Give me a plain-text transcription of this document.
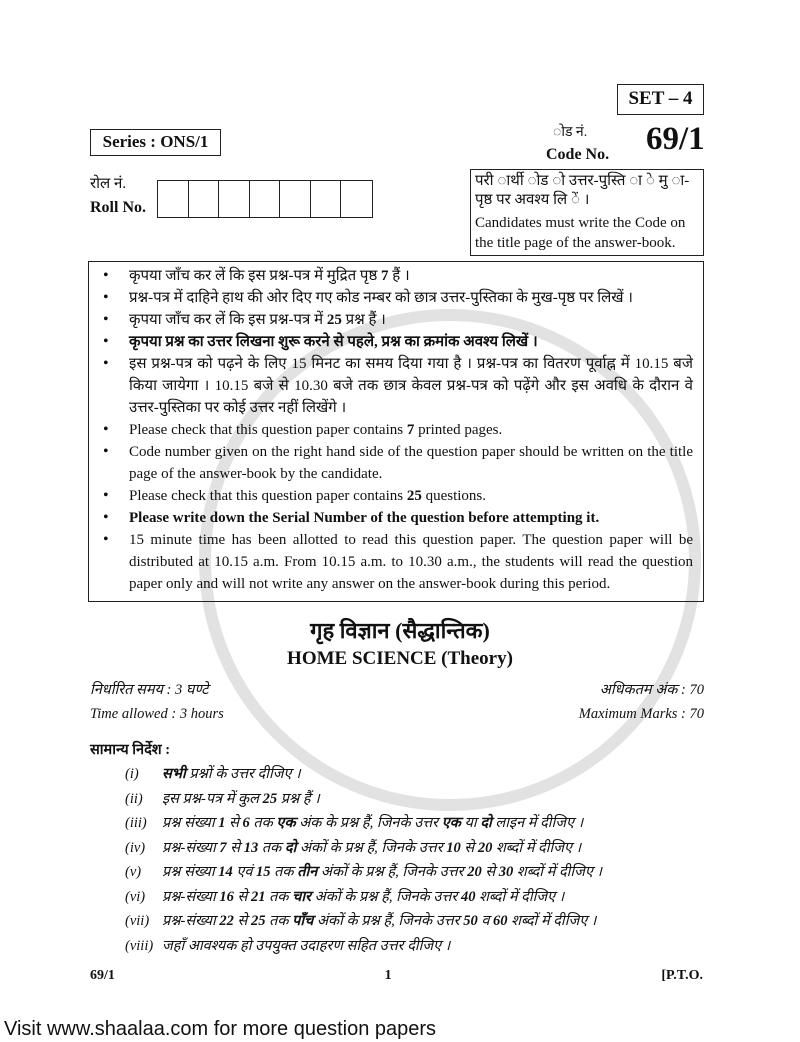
SET – 4
Series : ONS/1	ोड नं.
Code No. 69/1
रोल नं.
Roll No.
परी ार्थी ोड ो उत्तर-पुस्ति ा े मु ा-पृष्ठ पर अवश्य लि ें ।
Candidates must write the Code on the title page of the answer-book.
• कृपया जाँच कर लें कि इस प्रश्न-पत्र में मुद्रित पृष्ठ 7 हैं ।
• प्रश्न-पत्र में दाहिने हाथ की ओर दिए गए कोड नम्बर को छात्र उत्तर-पुस्तिका के मुख-पृष्ठ पर लिखें ।
• कृपया जाँच कर लें कि इस प्रश्न-पत्र में 25 प्रश्न हैं ।
• कृपया प्रश्न का उत्तर लिखना शुरू करने से पहले, प्रश्न का क्रमांक अवश्य लिखें ।
• इस प्रश्न-पत्र को पढ़ने के लिए 15 मिनट का समय दिया गया है । प्रश्न-पत्र का वितरण पूर्वाह्न में 10.15 बजे किया जायेगा । 10.15 बजे से 10.30 बजे तक छात्र केवल प्रश्न-पत्र को पढ़ेंगे और इस अवधि के दौरान वे उत्तर-पुस्तिका पर कोई उत्तर नहीं लिखेंगे ।
• Please check that this question paper contains 7 printed pages.
• Code number given on the right hand side of the question paper should be written on the title page of the answer-book by the candidate.
• Please check that this question paper contains 25 questions.
• Please write down the Serial Number of the question before attempting it.
• 15 minute time has been allotted to read this question paper. The question paper will be distributed at 10.15 a.m. From 10.15 a.m. to 10.30 a.m., the students will read the question paper only and will not write any answer on the answer-book during this period.
गृह विज्ञान (सैद्धान्तिक)
HOME SCIENCE (Theory)
निर्धारित समय : 3 घण्टे
Time allowed : 3 hours
अधिकतम अंक : 70
Maximum Marks : 70
सामान्य निर्देश :
(i) सभी प्रश्नों के उत्तर दीजिए ।
(ii) इस प्रश्न-पत्र में कुल 25 प्रश्न हैं ।
(iii) प्रश्न संख्या 1 से 6 तक एक अंक के प्रश्न हैं, जिनके उत्तर एक या दो लाइन में दीजिए ।
(iv) प्रश्न-संख्या 7 से 13 तक दो अंकों के प्रश्न हैं, जिनके उत्तर 10 से 20 शब्दों में दीजिए ।
(v) प्रश्न संख्या 14 एवं 15 तक तीन अंकों के प्रश्न हैं, जिनके उत्तर 20 से 30 शब्दों में दीजिए ।
(vi) प्रश्न-संख्या 16 से 21 तक चार अंकों के प्रश्न हैं, जिनके उत्तर 40 शब्दों में दीजिए ।
(vii) प्रश्न-संख्या 22 से 25 तक पाँच अंकों के प्रश्न हैं, जिनके उत्तर 50 व 60 शब्दों में दीजिए ।
(viii) जहाँ आवश्यक हो उपयुक्त उदाहरण सहित उत्तर दीजिए ।
69/1	1	[P.T.O.
Visit www.shaalaa.com for more question papers
